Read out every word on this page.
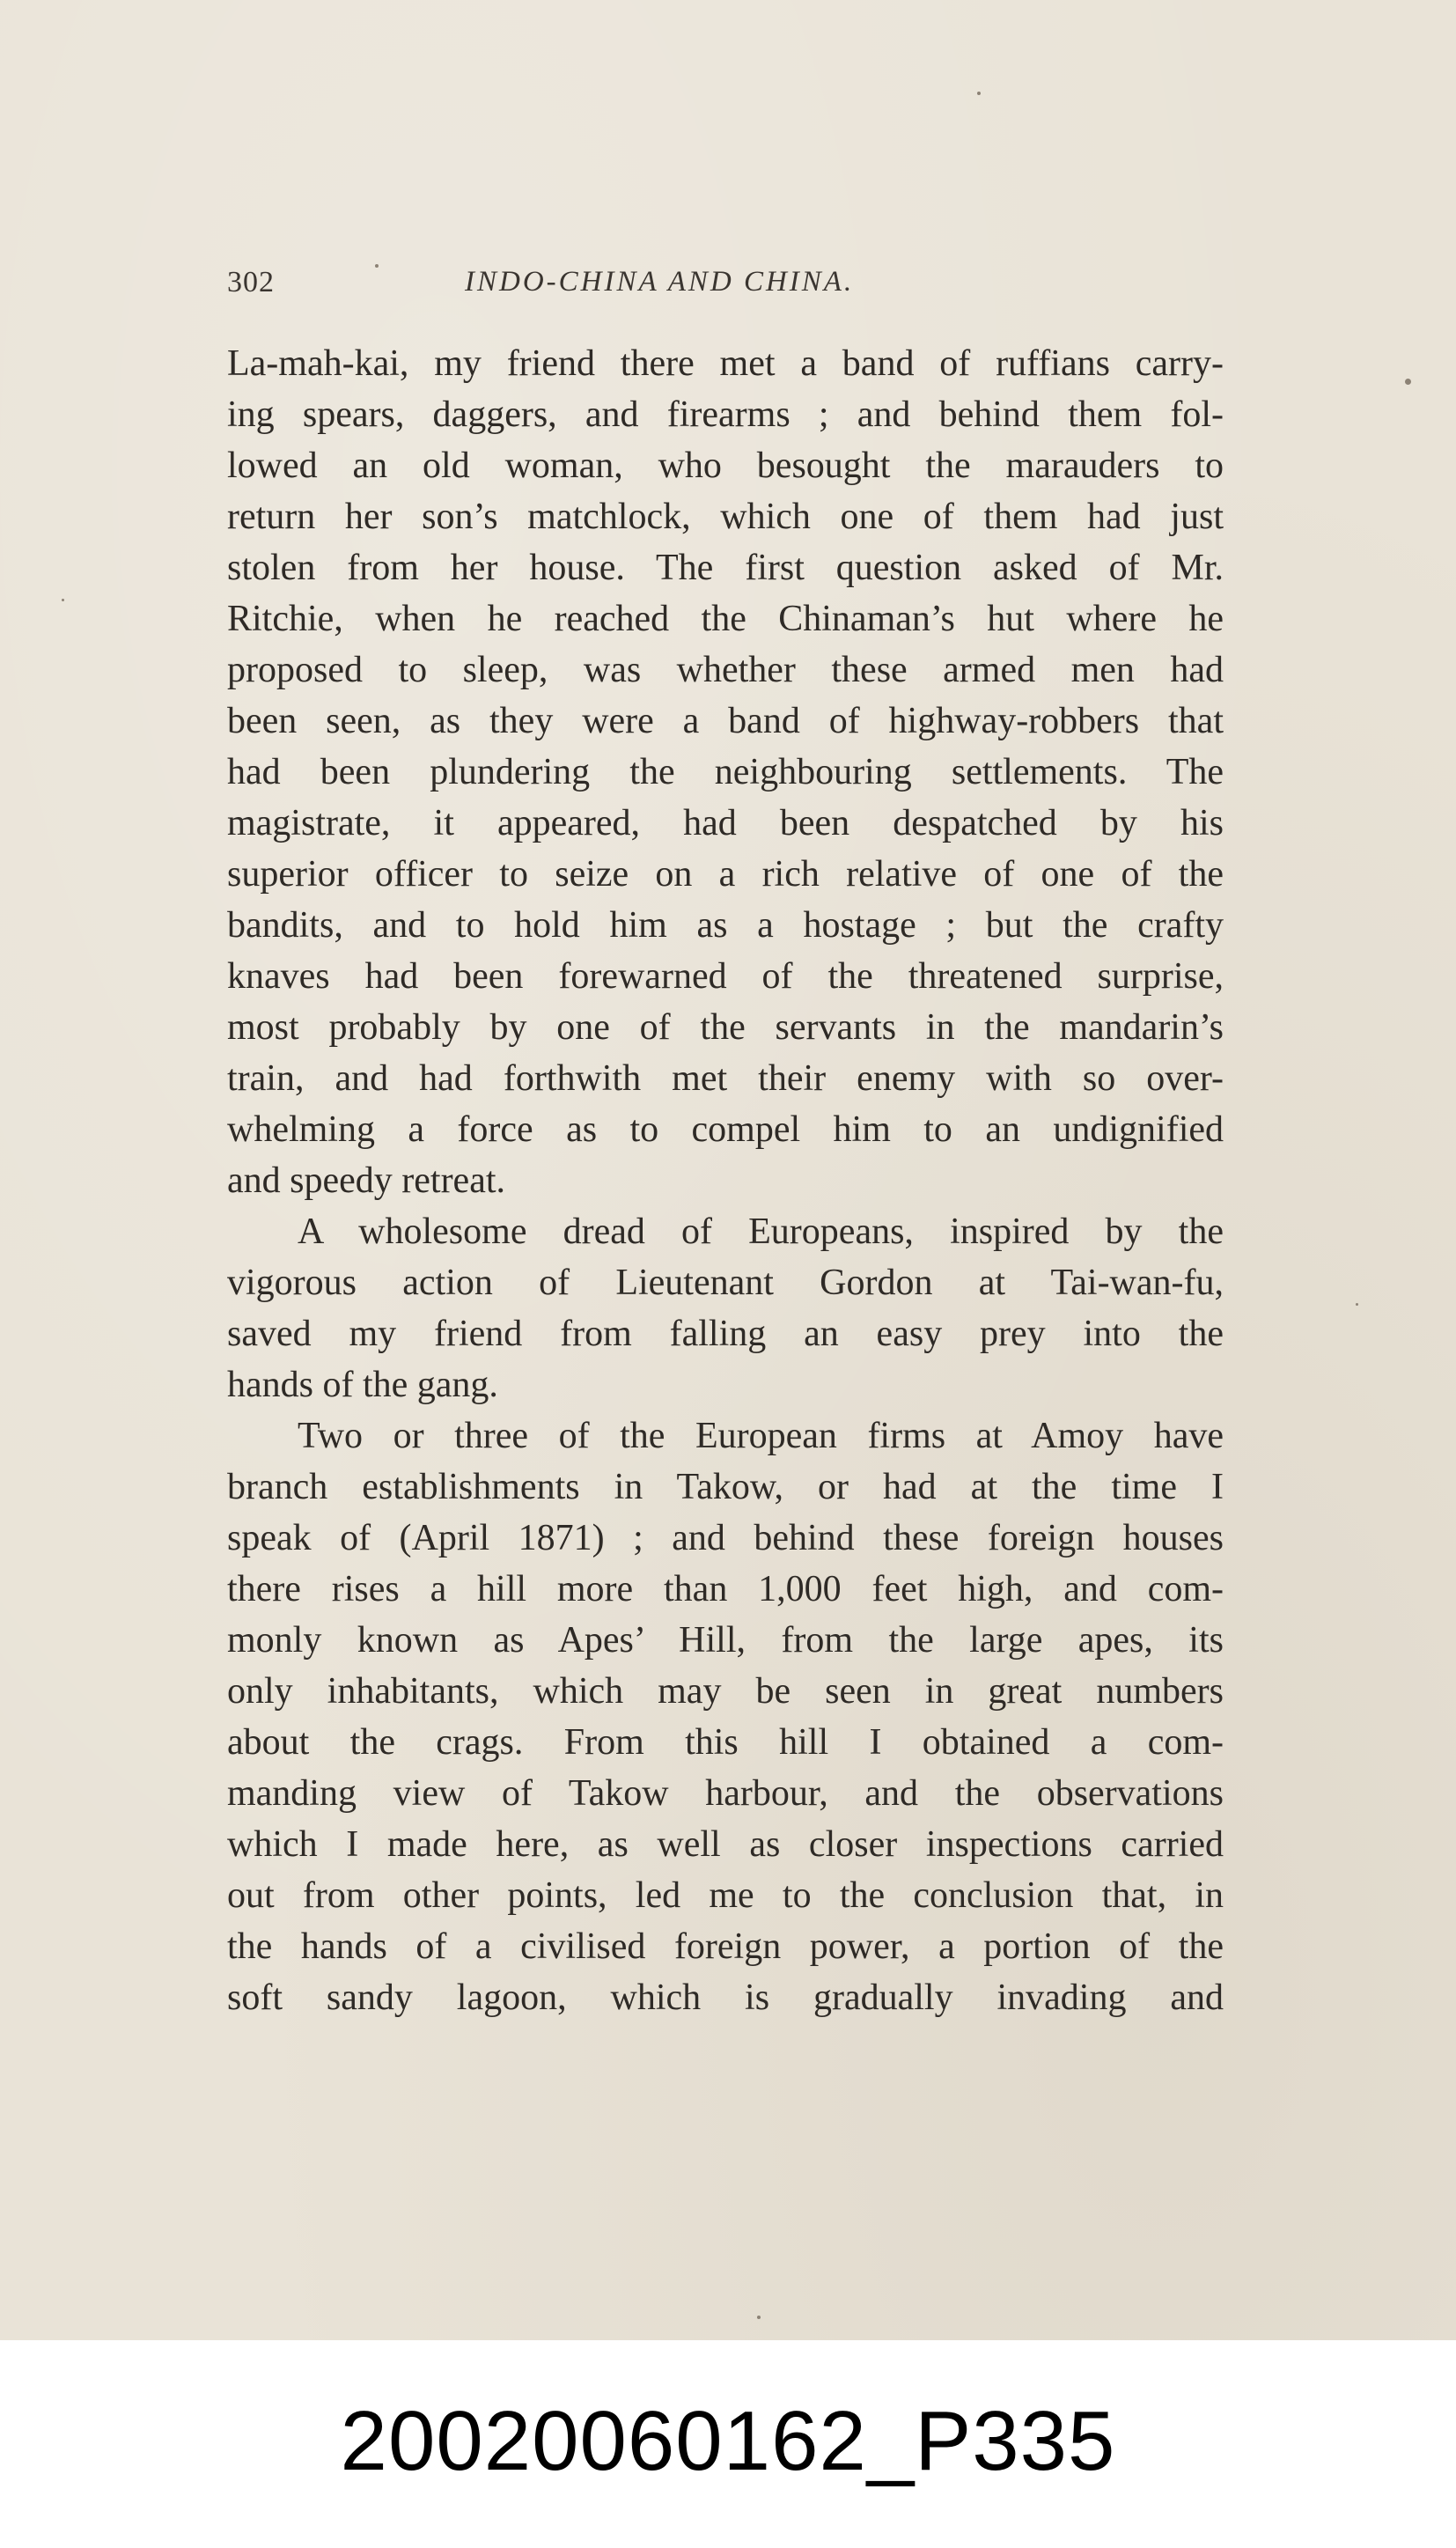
302	INDO-CHINA AND CHINA.
La-mah-kai, my friend there met a band of ruffians carry-
ing spears, daggers, and firearms ; and behind them fol-
lowed an old woman, who besought the marauders to
return her son’s matchlock, which one of them had just
stolen from her house. The first question asked of Mr.
Ritchie, when he reached the Chinaman’s hut where he
proposed to sleep, was whether these armed men had
been seen, as they were a band of highway-robbers that
had been plundering the neighbouring settlements. The
magistrate, it appeared, had been despatched by his
superior officer to seize on a rich relative of one of the
bandits, and to hold him as a hostage ; but the crafty
knaves had been forewarned of the threatened surprise,
most probably by one of the servants in the mandarin’s
train, and had forthwith met their enemy with so over-
whelming a force as to compel him to an undignified
and speedy retreat.
A wholesome dread of Europeans, inspired by the
vigorous action of Lieutenant Gordon at Tai-wan-fu,
saved my friend from falling an easy prey into the
hands of the gang.
Two or three of the European firms at Amoy have
branch establishments in Takow, or had at the time I
speak of (April 1871) ; and behind these foreign houses
there rises a hill more than 1,000 feet high, and com-
monly known as Apes’ Hill, from the large apes, its
only inhabitants, which may be seen in great numbers
about the crags. From this hill I obtained a com-
manding view of Takow harbour, and the observations
which I made here, as well as closer inspections carried
out from other points, led me to the conclusion that, in
the hands of a civilised foreign power, a portion of the
soft sandy lagoon, which is gradually invading and
20020060162_P335
